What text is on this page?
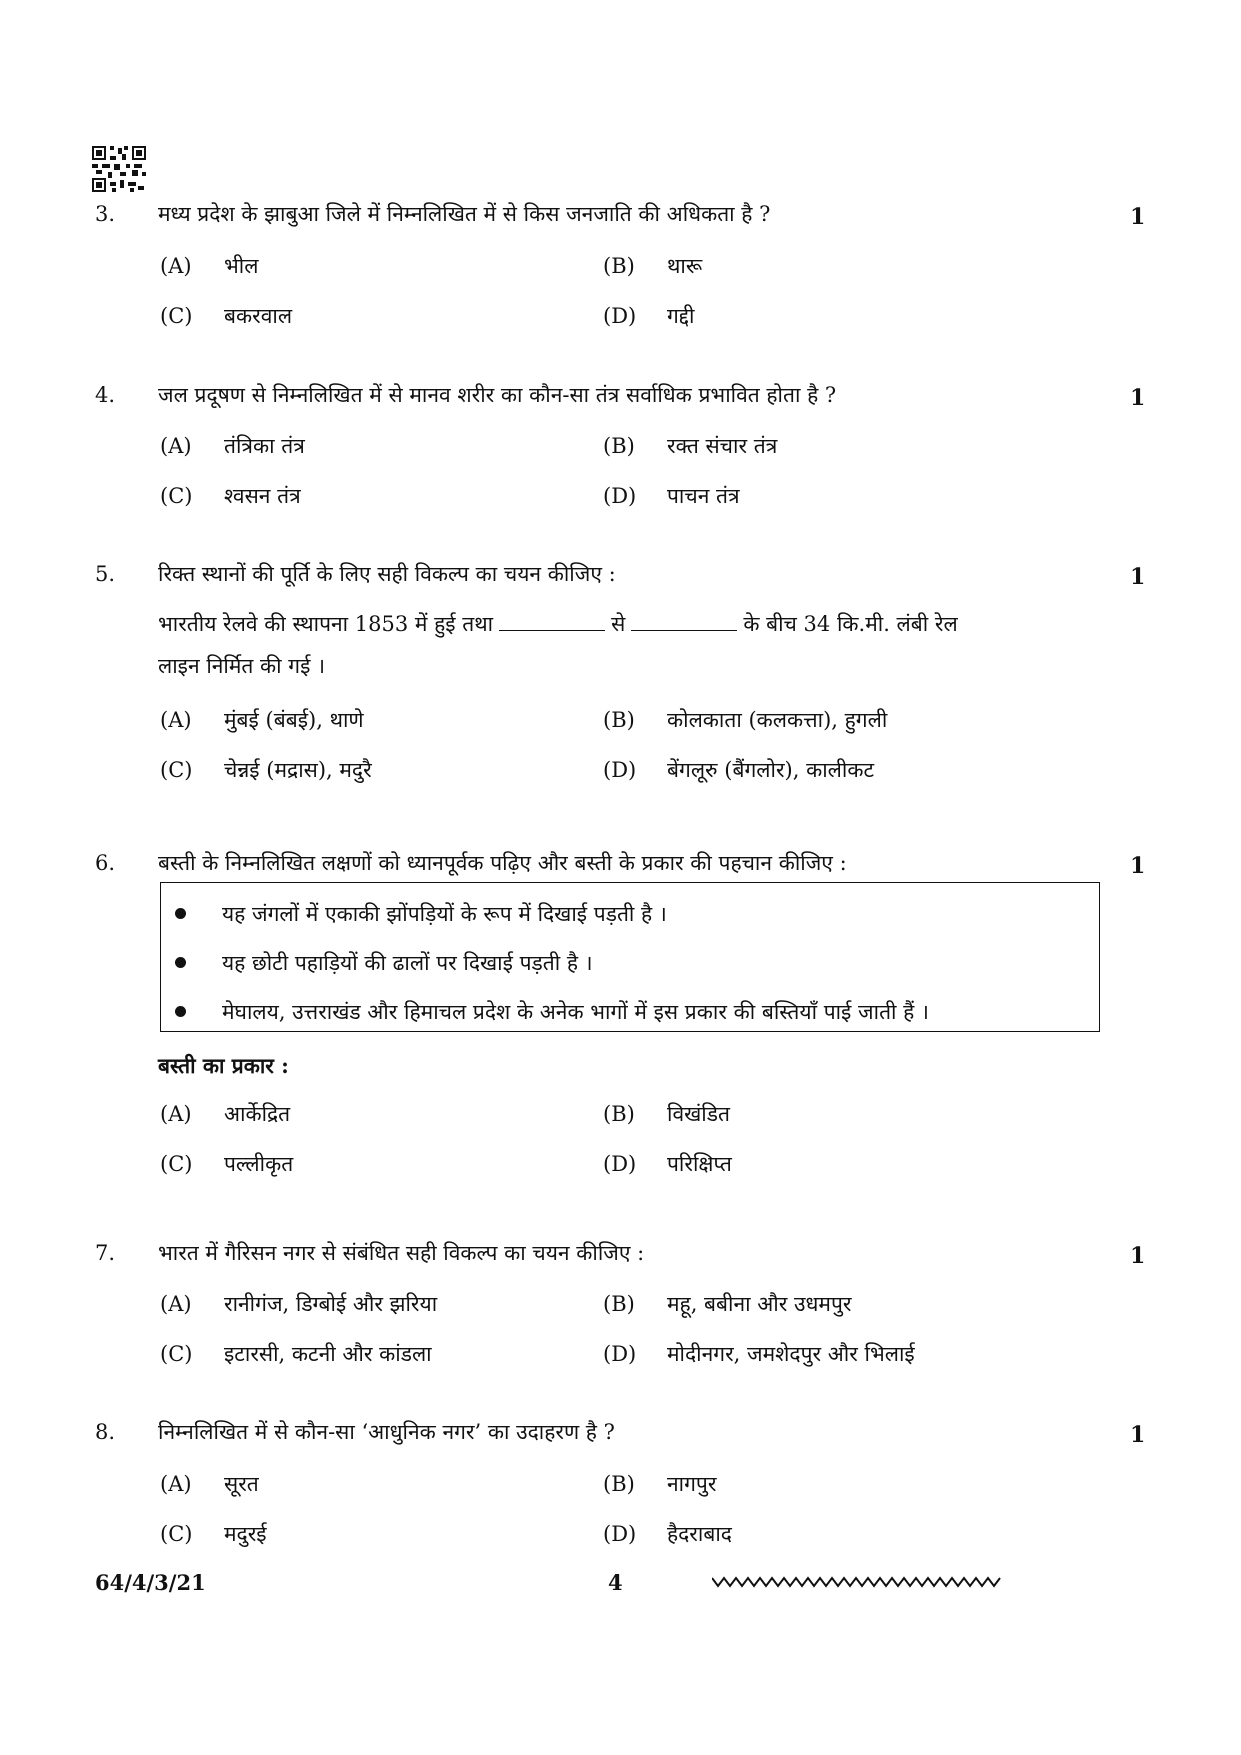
3. मध्य प्रदेश के झाबुआ जिले में निम्नलिखित में से किस जनजाति की अधिकता है ?	1
(A) भील	(B) थारू
(C) बकरवाल	(D) गद्दी
4. जल प्रदूषण से निम्नलिखित में से मानव शरीर का कौन-सा तंत्र सर्वाधिक प्रभावित होता है ?	1
(A) तंत्रिका तंत्र	(B) रक्त संचार तंत्र
(C) श्वसन तंत्र	(D) पाचन तंत्र
5. रिक्त स्थानों की पूर्ति के लिए सही विकल्प का चयन कीजिए :	1
भारतीय रेलवे की स्थापना 1853 में हुई तथा	से	के बीच 34 कि.मी. लंबी रेल
लाइन निर्मित की गई ।
(A) मुंबई (बंबई), थाणे	(B) कोलकाता (कलकत्ता), हुगली
(C) चेन्नई (मद्रास), मदुरै	(D) बेंगलूरु (बैंगलोर), कालीकट
6. बस्ती के निम्नलिखित लक्षणों को ध्यानपूर्वक पढ़िए और बस्ती के प्रकार की पहचान कीजिए :	1
यह जंगलों में एकाकी झोंपड़ियों के रूप में दिखाई पड़ती है ।
यह छोटी पहाड़ियों की ढालों पर दिखाई पड़ती है ।
मेघालय, उत्तराखंड और हिमाचल प्रदेश के अनेक भागों में इस प्रकार की बस्तियाँ पाई जाती हैं ।
बस्ती का प्रकार :
(A) आर्केद्रित	(B) विखंडित
(C) पल्लीकृत	(D) परिक्षिप्त
7. भारत में गैरिसन नगर से संबंधित सही विकल्प का चयन कीजिए :	1
(A) रानीगंज, डिग्बोई और झरिया	(B) महू, बबीना और उधमपुर
(C) इटारसी, कटनी और कांडला	(D) मोदीनगर, जमशेदपुर और भिलाई
8. निम्नलिखित में से कौन-सा ‘आधुनिक नगर’ का उदाहरण है ?	1
(A) सूरत	(B) नागपुर
(C) मदुरई	(D) हैदराबाद
64/4/3/21	4
